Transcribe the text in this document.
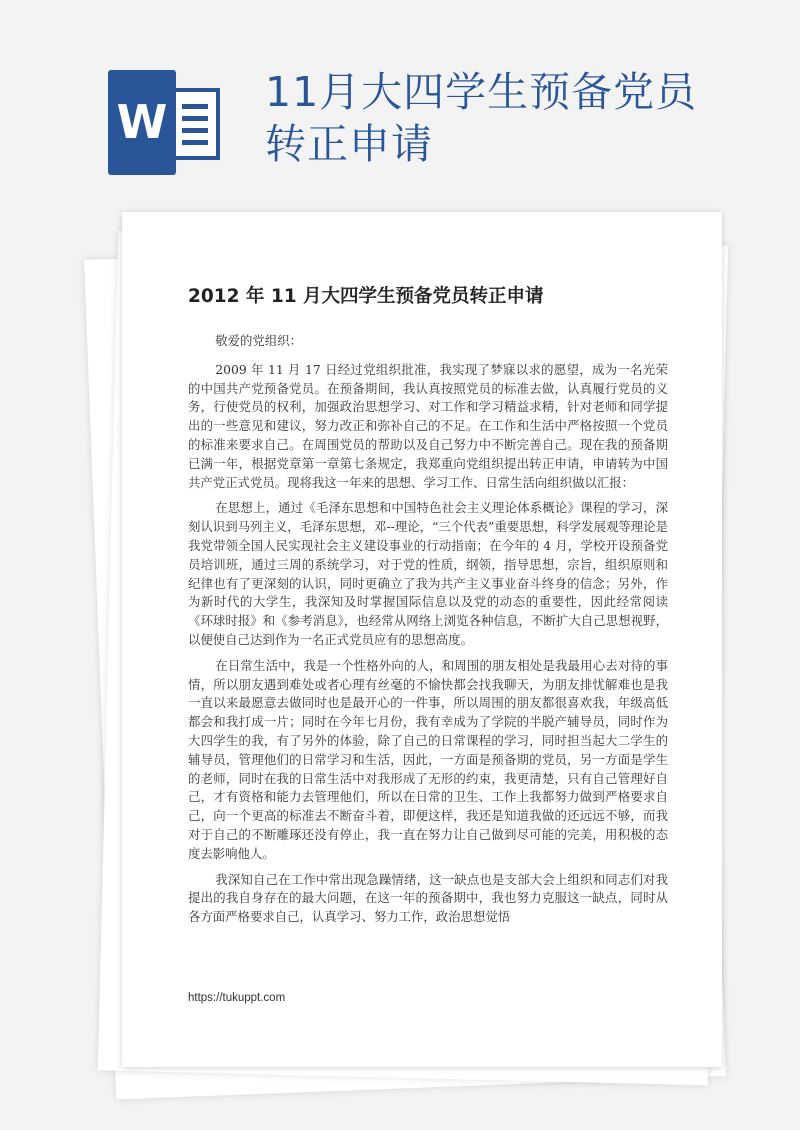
W
11月大四学生预备党员转正申请
2012 年 11 月大四学生预备党员转正申请

敬爱的党组织：

2009 年 11 月 17 日经过党组织批准，我实现了梦寐以求的愿望，成为一名光荣的中国共产党预备党员。在预备期间，我认真按照党员的标准去做，认真履行党员的义务，行使党员的权利，加强政治思想学习、对工作和学习精益求精，针对老师和同学提出的一些意见和建议，努力改正和弥补自己的不足。在工作和生活中严格按照一个党员的标准来要求自己。在周围党员的帮助以及自己努力中不断完善自己。现在我的预备期已满一年，根据党章第一章第七条规定，我郑重向党组织提出转正申请，申请转为中国共产党正式党员。现将我这一年来的思想、学习工作、日常生活向组织做以汇报：

在思想上，通过《毛泽东思想和中国特色社会主义理论体系概论》课程的学习，深刻认识到马列主义，毛泽东思想，邓--理论，“三个代表”重要思想，科学发展观等理论是我党带领全国人民实现社会主义建设事业的行动指南；在今年的 4 月，学校开设预备党员培训班，通过三周的系统学习，对于党的性质，纲领，指导思想，宗旨，组织原则和纪律也有了更深刻的认识，同时更确立了我为共产主义事业奋斗终身的信念；另外，作为新时代的大学生，我深知及时掌握国际信息以及党的动态的重要性，因此经常阅读《环球时报》和《参考消息》，也经常从网络上浏览各种信息，不断扩大自己思想视野，以便使自己达到作为一名正式党员应有的思想高度。

在日常生活中，我是一个性格外向的人，和周围的朋友相处是我最用心去对待的事情，所以朋友遇到难处或者心理有丝毫的不愉快都会找我聊天，为朋友排忧解难也是我一直以来最愿意去做同时也是最开心的一件事，所以周围的朋友都很喜欢我，年级高低都会和我打成一片；同时在今年七月份，我有幸成为了学院的半脱产辅导员，同时作为大四学生的我，有了另外的体验，除了自己的日常课程的学习，同时担当起大二学生的辅导员，管理他们的日常学习和生活，因此，一方面是预备期的党员，另一方面是学生的老师，同时在我的日常生活中对我形成了无形的约束，我更清楚，只有自己管理好自己，才有资格和能力去管理他们，所以在日常的卫生、工作上我都努力做到严格要求自己，向一个更高的标准去不断奋斗着，即便这样，我还是知道我做的还远远不够，而我对于自己的不断雕琢还没有停止，我一直在努力让自己做到尽可能的完美，用积极的态度去影响他人。

我深知自己在工作中常出现急躁情绪，这一缺点也是支部大会上组织和同志们对我提出的我自身存在的最大问题，在这一年的预备期中，我也努力克服这一缺点，同时从各方面严格要求自己，认真学习、努力工作，政治思想觉悟

https://tukuppt.com
